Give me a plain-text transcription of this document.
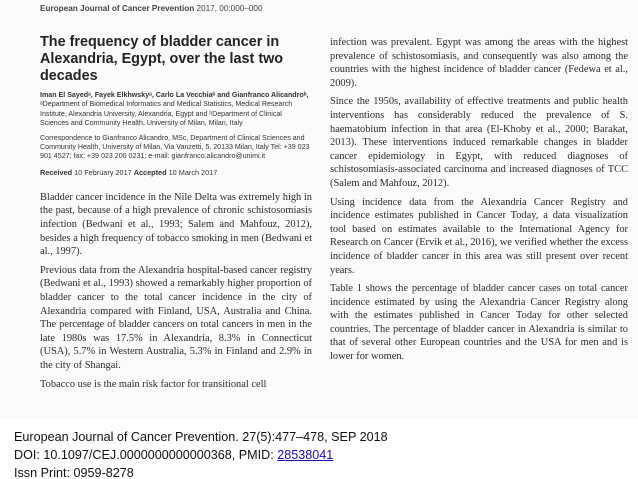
European Journal of Cancer Prevention 2017, 00:000–000
The frequency of bladder cancer in Alexandria, Egypt, over the last two decades
Iman El Sayedᵃ, Fayek Elkhwskyᵃ, Carlo La Vecchiaᵇ and Gianfranco Alicandroᵇ, ᵃDepartment of Biomedical Informatics and Medical Statistics, Medical Research Institute, Alexandria University, Alexandria, Egypt and ᵇDepartment of Clinical Sciences and Community Health, University of Milan, Milan, Italy
Correspondence to Gianfranco Alicandro, MSc, Department of Clinical Sciences and Community Health, University of Milan, Via Vanzetti, 5, 20133 Milan, Italy Tel: +39 023 901 4527; fax: +39 023 200 0231; e-mail: gianfranco.alicandro@unimi.it
Received 10 February 2017 Accepted 10 March 2017

Bladder cancer incidence in the Nile Delta was extremely high in the past, because of a high prevalence of chronic schistosomiasis infection (Bedwani et al., 1993; Salem and Mahfouz, 2012), besides a high frequency of tobacco smoking in men (Bedwani et al., 1997).

Previous data from the Alexandria hospital-based cancer registry (Bedwani et al., 1993) showed a remarkably higher proportion of bladder cancer to the total cancer incidence in the city of Alexandria compared with Finland, USA, Australia and China. The percentage of bladder cancers on total cancers in men in the late 1980s was 17.5% in Alexandria, 8.3% in Connecticut (USA), 5.7% in Western Australia, 5.3% in Finland and 2.9% in the city of Shangai.

Tobacco use is the main risk factor for transitional cell

infection was prevalent. Egypt was among the areas with the highest prevalence of schistosomiasis, and consequently was also among the countries with the highest incidence of bladder cancer (Fedewa et al., 2009).

Since the 1950s, availability of effective treatments and public health interventions has considerably reduced the prevalence of S. haematobium infection in that area (El-Khoby et al., 2000; Barakat, 2013). These interventions induced remarkable changes in bladder cancer epidemiology in Egypt, with reduced diagnoses of schistosomiasis-associated carcinoma and increased diagnoses of TCC (Salem and Mahfouz, 2012).

Using incidence data from the Alexandria Cancer Registry and incidence estimates published in Cancer Today, a data visualization tool based on estimates available to the International Agency for Research on Cancer (Ervik et al., 2016), we verified whether the excess incidence of bladder cancer in this area was still present over recent years.

Table 1 shows the percentage of bladder cancer cases on total cancer incidence estimated by using the Alexandria Cancer Registry along with the estimates published in Cancer Today for other selected countries. The percentage of bladder cancer in Alexandria is similar to that of several other European countries and the USA for men and is lower for women.

European Journal of Cancer Prevention. 27(5):477–478, SEP 2018
DOI: 10.1097/CEJ.0000000000000368, PMID: 28538041
Issn Print: 0959-8278
